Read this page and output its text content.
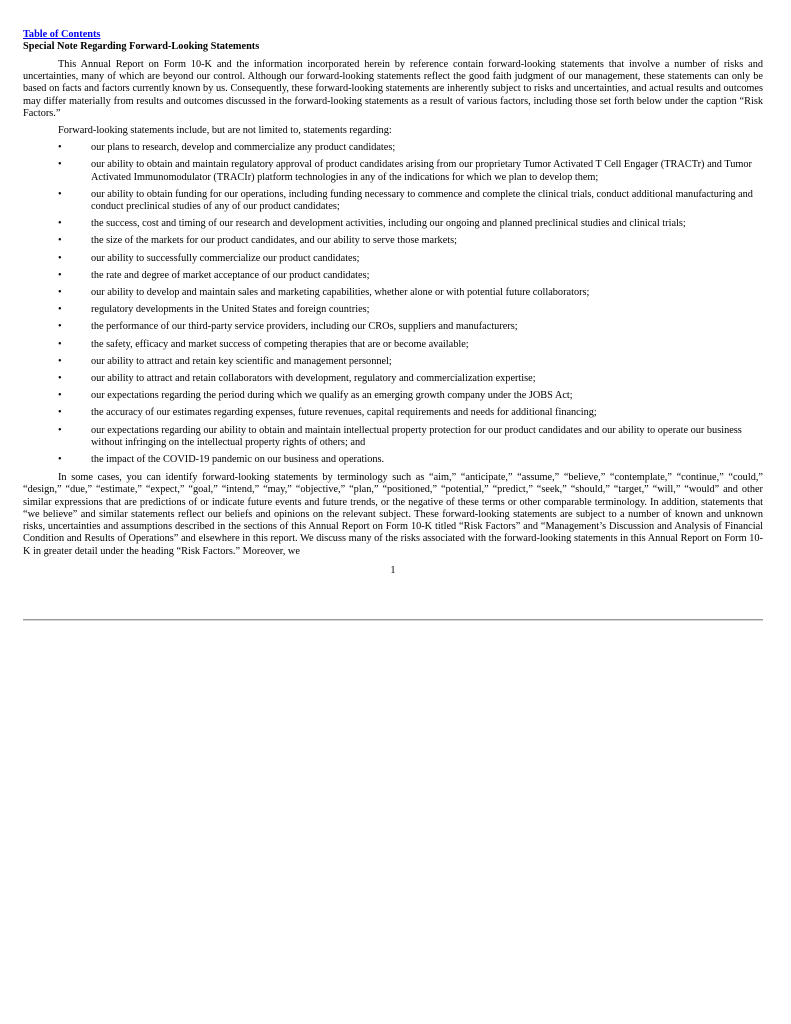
Table of Contents
Special Note Regarding Forward-Looking Statements

This Annual Report on Form 10-K and the information incorporated herein by reference contain forward-looking statements that involve a number of risks and uncertainties, many of which are beyond our control. Although our forward-looking statements reflect the good faith judgment of our management, these statements can only be based on facts and factors currently known by us. Consequently, these forward-looking statements are inherently subject to risks and uncertainties, and actual results and outcomes may differ materially from results and outcomes discussed in the forward-looking statements as a result of various factors, including those set forth below under the caption “Risk Factors.”

Forward-looking statements include, but are not limited to, statements regarding:

•	our plans to research, develop and commercialize any product candidates;
•	our ability to obtain and maintain regulatory approval of product candidates arising from our proprietary Tumor Activated T Cell Engager (TRACTr) and Tumor Activated Immunomodulator (TRACIr) platform technologies in any of the indications for which we plan to develop them;
•	our ability to obtain funding for our operations, including funding necessary to commence and complete the clinical trials, conduct additional manufacturing and conduct preclinical studies of any of our product candidates;
•	the success, cost and timing of our research and development activities, including our ongoing and planned preclinical studies and clinical trials;
•	the size of the markets for our product candidates, and our ability to serve those markets;
•	our ability to successfully commercialize our product candidates;
•	the rate and degree of market acceptance of our product candidates;
•	our ability to develop and maintain sales and marketing capabilities, whether alone or with potential future collaborators;
•	regulatory developments in the United States and foreign countries;
•	the performance of our third-party service providers, including our CROs, suppliers and manufacturers;
•	the safety, efficacy and market success of competing therapies that are or become available;
•	our ability to attract and retain key scientific and management personnel;
•	our ability to attract and retain collaborators with development, regulatory and commercialization expertise;
•	our expectations regarding the period during which we qualify as an emerging growth company under the JOBS Act;
•	the accuracy of our estimates regarding expenses, future revenues, capital requirements and needs for additional financing;
•	our expectations regarding our ability to obtain and maintain intellectual property protection for our product candidates and our ability to operate our business without infringing on the intellectual property rights of others; and
•	the impact of the COVID-19 pandemic on our business and operations.

In some cases, you can identify forward-looking statements by terminology such as “aim,” “anticipate,” “assume,” “believe,” “contemplate,” “continue,” “could,” “design,” “due,” “estimate,” “expect,” “goal,” “intend,” “may,” “objective,” “plan,” “positioned,” “potential,” “predict,” “seek,” “should,” “target,” “will,” “would” and other similar expressions that are predictions of or indicate future events and future trends, or the negative of these terms or other comparable terminology. In addition, statements that “we believe” and similar statements reflect our beliefs and opinions on the relevant subject. These forward-looking statements are subject to a number of known and unknown risks, uncertainties and assumptions described in the sections of this Annual Report on Form 10-K titled “Risk Factors” and “Management’s Discussion and Analysis of Financial Condition and Results of Operations” and elsewhere in this report. We discuss many of the risks associated with the forward-looking statements in this Annual Report on Form 10-K in greater detail under the heading “Risk Factors.” Moreover, we

1
